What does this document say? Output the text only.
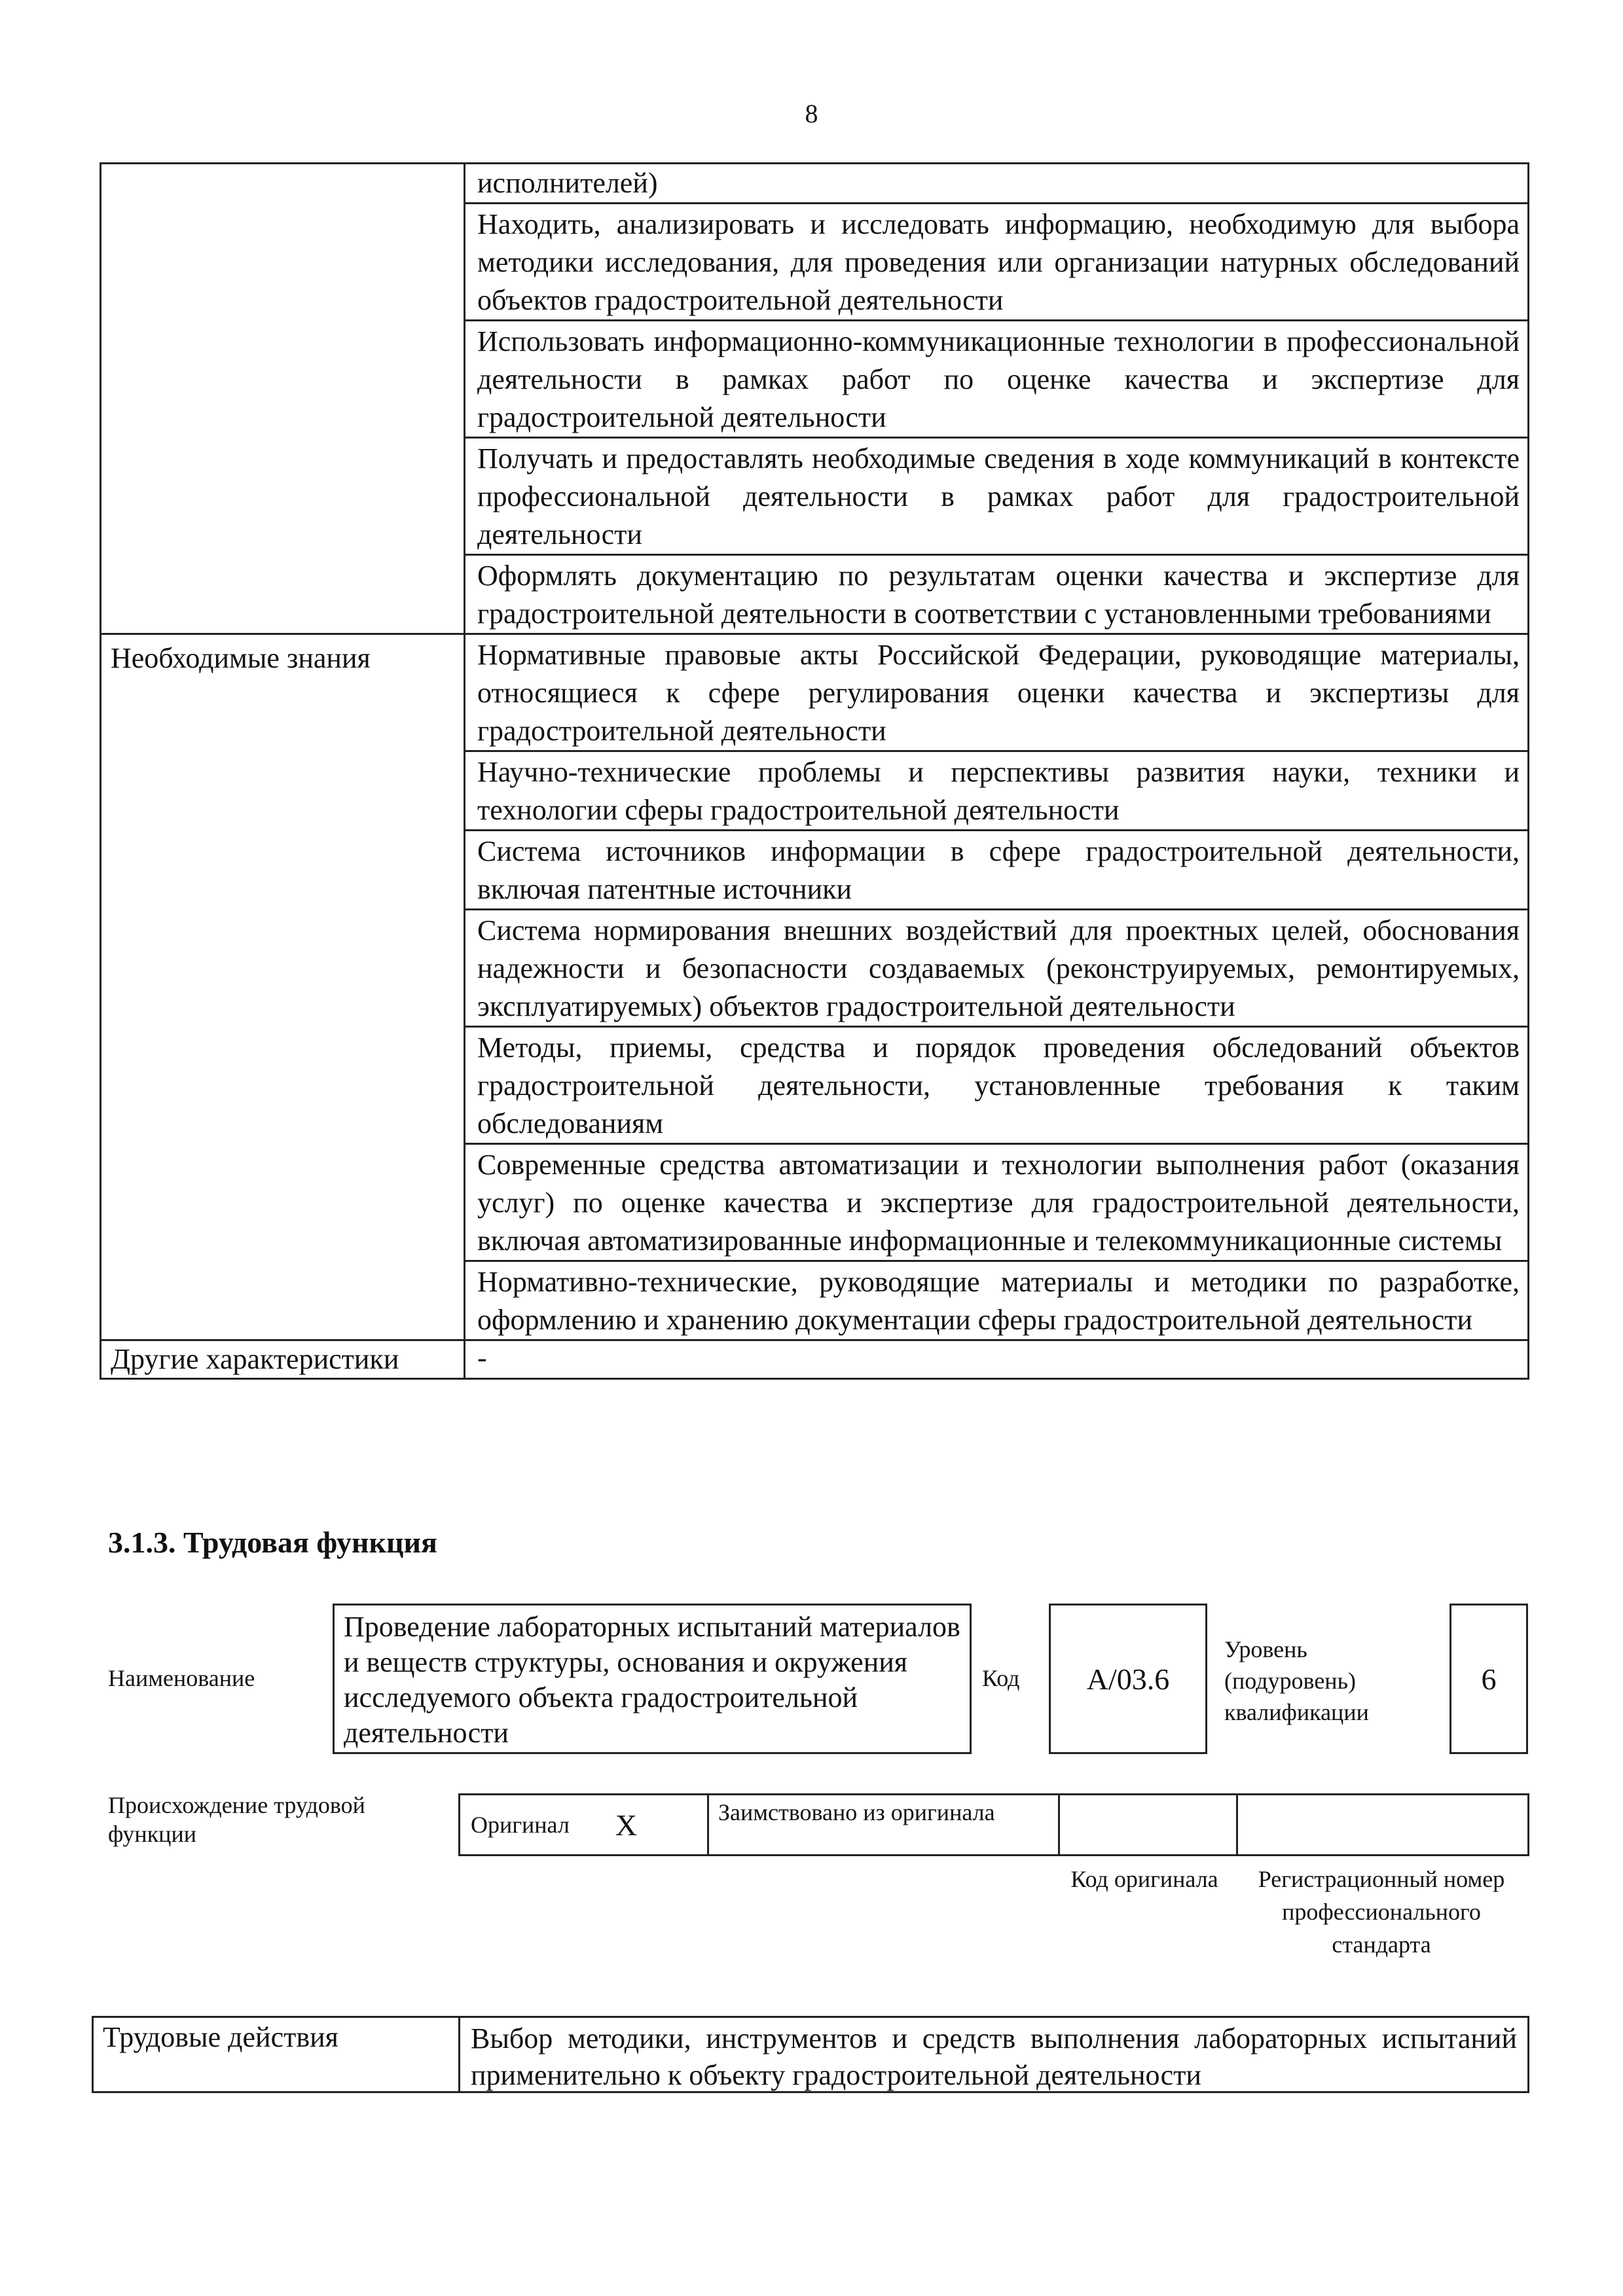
8
исполнителей)
Находить, анализировать и исследовать информацию, необходимую для выбора методики исследования, для проведения или организации натурных обследований объектов градостроительной деятельности
Использовать информационно-коммуникационные технологии в профессиональной деятельности в рамках работ по оценке качества и экспертизе для градостроительной деятельности
Получать и предоставлять необходимые сведения в ходе коммуникаций в контексте профессиональной деятельности в рамках работ для градостроительной деятельности
Оформлять документацию по результатам оценки качества и экспертизе для градостроительной деятельности в соответствии с установленными требованиями
Необходимые знания	Нормативные правовые акты Российской Федерации, руководящие материалы, относящиеся к сфере регулирования оценки качества и экспертизы для градостроительной деятельности
Научно-технические проблемы и перспективы развития науки, техники и технологии сферы градостроительной деятельности
Система источников информации в сфере градостроительной деятельности, включая патентные источники
Система нормирования внешних воздействий для проектных целей, обоснования надежности и безопасности создаваемых (реконструируемых, ремонтируемых, эксплуатируемых) объектов градостроительной деятельности
Методы, приемы, средства и порядок проведения обследований объектов градостроительной деятельности, установленные требования к таким обследованиям
Современные средства автоматизации и технологии выполнения работ (оказания услуг) по оценке качества и экспертизе для градостроительной деятельности, включая автоматизированные информационные и телекоммуникационные системы
Нормативно-технические, руководящие материалы и методики по разработке, оформлению и хранению документации сферы градостроительной деятельности
Другие характеристики	-
3.1.3. Трудовая функция
Наименование
Проведение лабораторных испытаний материалов и веществ структуры, основания и окружения исследуемого объекта градостроительной деятельности
Код	А/03.6
Уровень (подуровень) квалификации
6
Происхождение трудовой функции	Оригинал X	Заимствовано из оригинала
Код оригинала	Регистрационный номер профессионального стандарта
Трудовые действия	Выбор методики, инструментов и средств выполнения лабораторных испытаний применительно к объекту градостроительной деятельности
